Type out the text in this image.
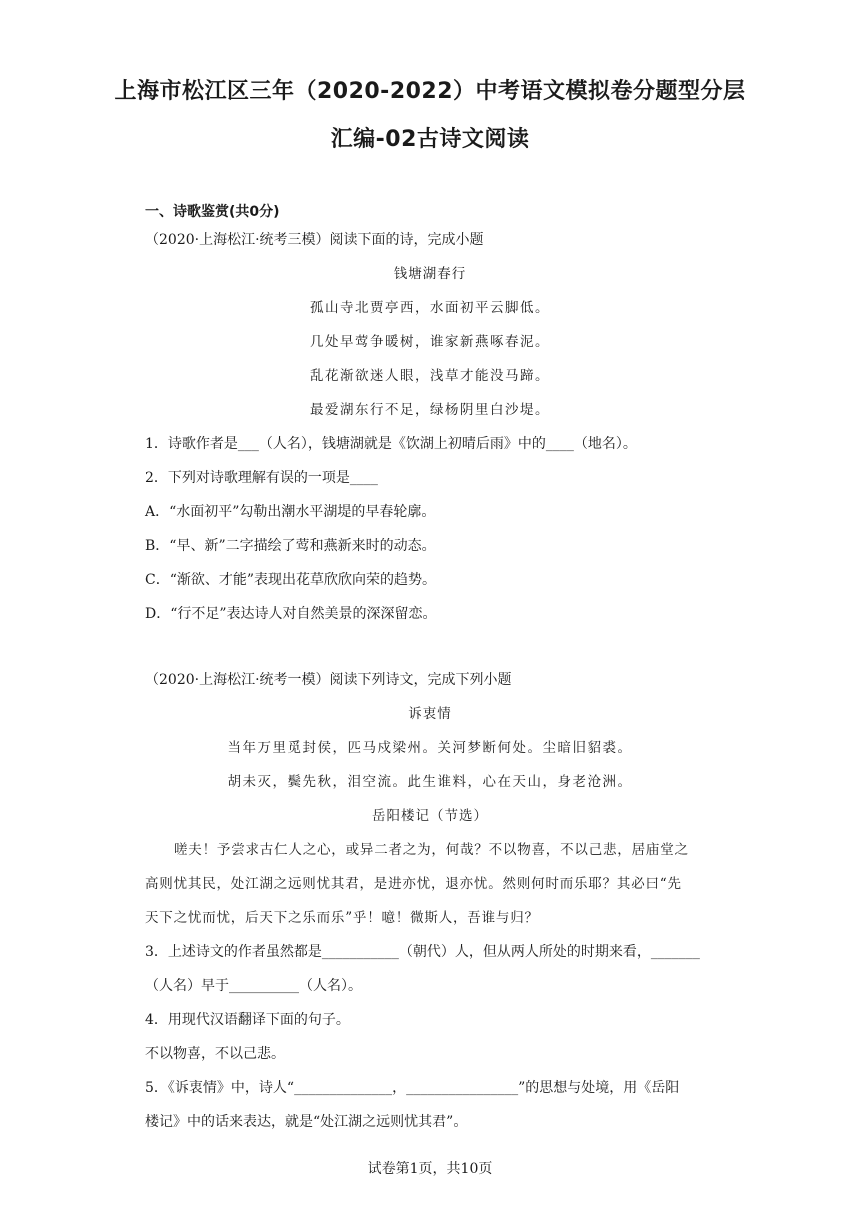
上海市松江区三年（2020-2022）中考语文模拟卷分题型分层
汇编-02古诗文阅读
一、诗歌鉴赏(共0分)
（2020·上海松江·统考三模）阅读下面的诗，完成小题
钱塘湖春行
孤山寺北贾亭西，水面初平云脚低。
几处早莺争暖树，谁家新燕啄春泥。
乱花渐欲迷人眼，浅草才能没马蹄。
最爱湖东行不足，绿杨阴里白沙堤。
1．诗歌作者是___（人名），钱塘湖就是《饮湖上初晴后雨》中的____（地名）。
2．下列对诗歌理解有误的一项是____
A．“水面初平”勾勒出潮水平湖堤的早春轮廓。
B．“早、新”二字描绘了莺和燕新来时的动态。
C．“渐欲、才能”表现出花草欣欣向荣的趋势。
D．“行不足”表达诗人对自然美景的深深留恋。
（2020·上海松江·统考一模）阅读下列诗文，完成下列小题
诉衷情
当年万里觅封侯，匹马戍梁州。关河梦断何处。尘暗旧貂裘。
胡未灭，鬓先秋，泪空流。此生谁料，心在天山，身老沧洲。
岳阳楼记（节选）
嗟夫！予尝求古仁人之心，或异二者之为，何哉？不以物喜，不以己悲，居庙堂之
高则忧其民，处江湖之远则忧其君，是进亦忧，退亦忧。然则何时而乐耶？其必曰“先
天下之忧而忧，后天下之乐而乐”乎！噫！微斯人，吾谁与归？
3．上述诗文的作者虽然都是___________（朝代）人，但从两人所处的时期来看，_______
（人名）早于__________（人名）。
4．用现代汉语翻译下面的句子。
不以物喜，不以己悲。
5．《诉衷情》中，诗人“______________，________________”的思想与处境，用《岳阳
楼记》中的话来表达，就是“处江湖之远则忧其君”。
试卷第1页，共10页
